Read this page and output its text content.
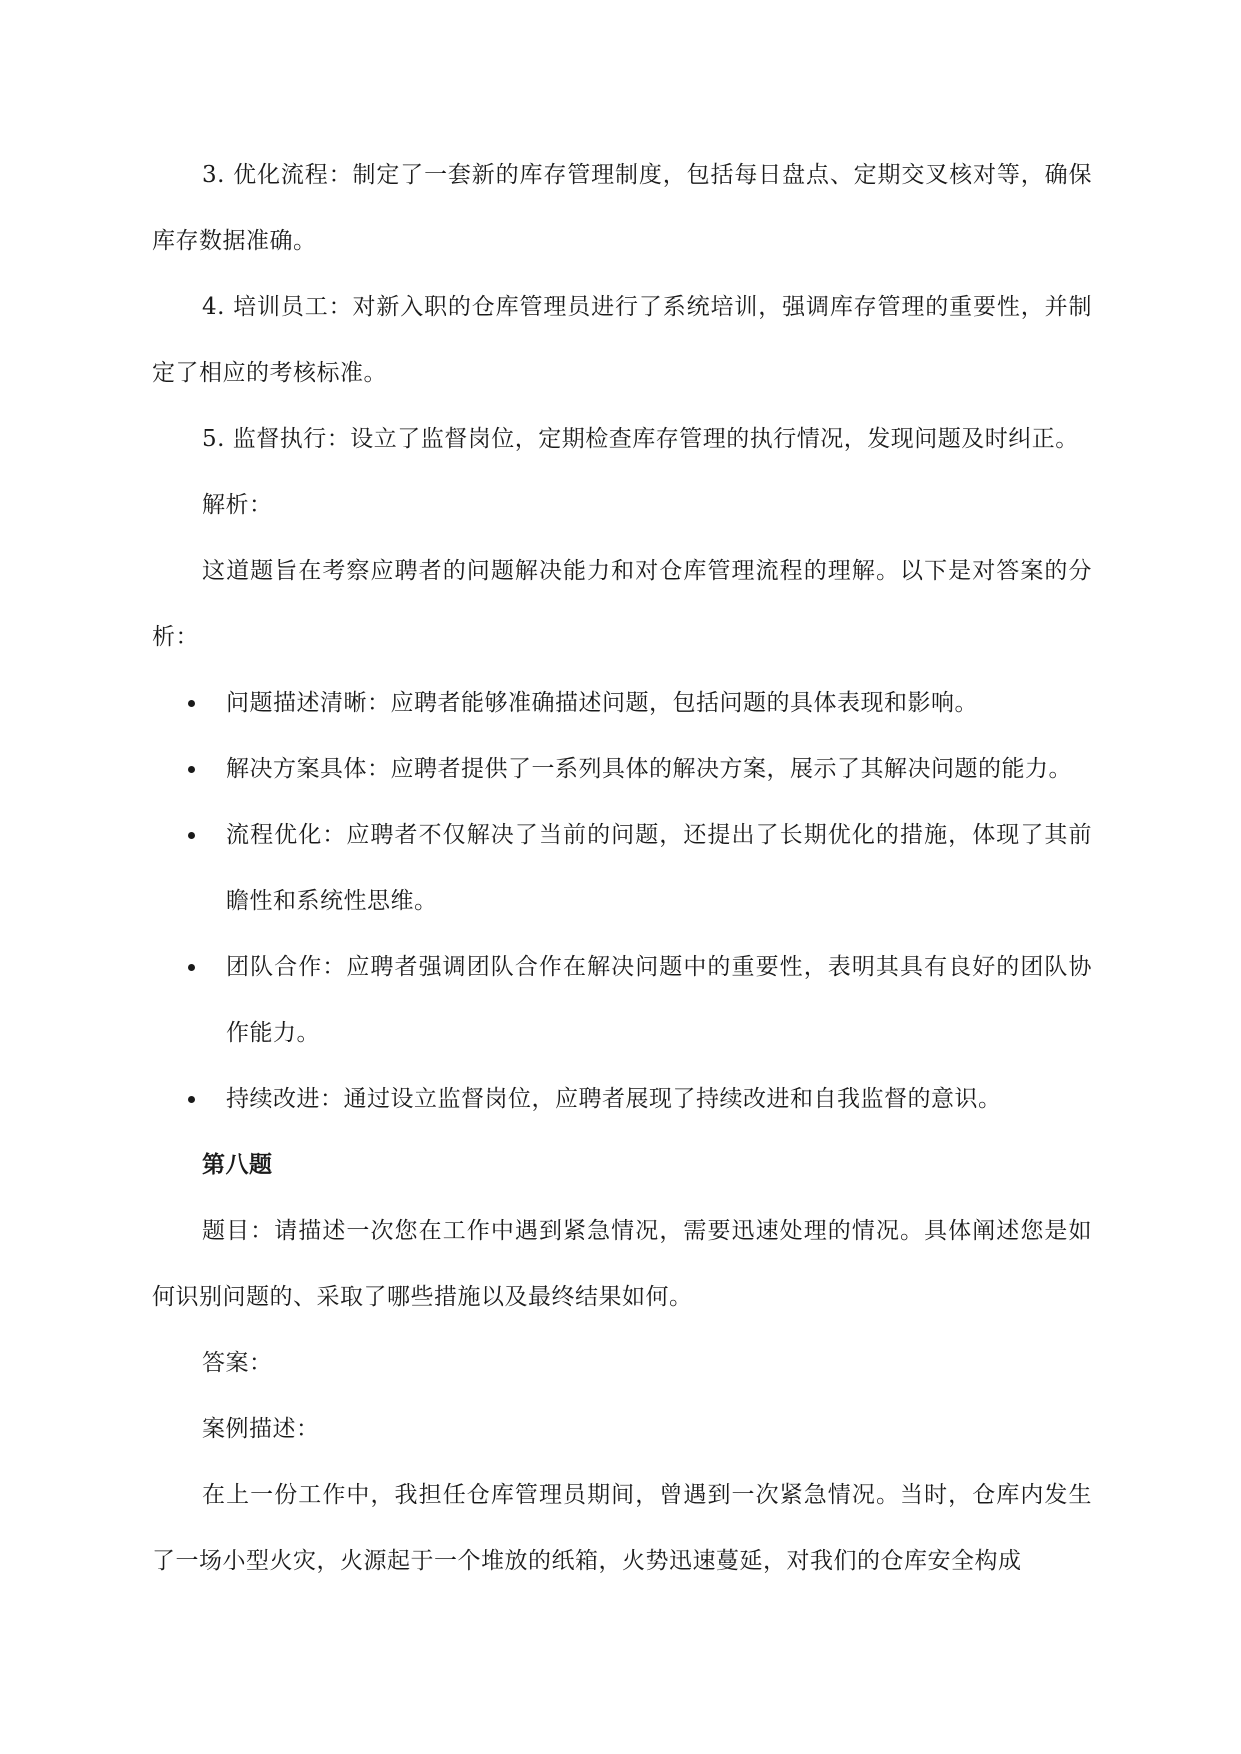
3. 优化流程：制定了一套新的库存管理制度，包括每日盘点、定期交叉核对等，确保库存数据准确。

4. 培训员工：对新入职的仓库管理员进行了系统培训，强调库存管理的重要性，并制定了相应的考核标准。

5. 监督执行：设立了监督岗位，定期检查库存管理的执行情况，发现问题及时纠正。

解析：

这道题旨在考察应聘者的问题解决能力和对仓库管理流程的理解。以下是对答案的分析：

问题描述清晰：应聘者能够准确描述问题，包括问题的具体表现和影响。
解决方案具体：应聘者提供了一系列具体的解决方案，展示了其解决问题的能力。
流程优化：应聘者不仅解决了当前的问题，还提出了长期优化的措施，体现了其前瞻性和系统性思维。
团队合作：应聘者强调团队合作在解决问题中的重要性，表明其具有良好的团队协作能力。
持续改进：通过设立监督岗位，应聘者展现了持续改进和自我监督的意识。

第八题

题目：请描述一次您在工作中遇到紧急情况，需要迅速处理的情况。具体阐述您是如何识别问题的、采取了哪些措施以及最终结果如何。

答案：

案例描述：

在上一份工作中，我担任仓库管理员期间，曾遇到一次紧急情况。当时，仓库内发生了一场小型火灾，火源起于一个堆放的纸箱，火势迅速蔓延，对我们的仓库安全构成
